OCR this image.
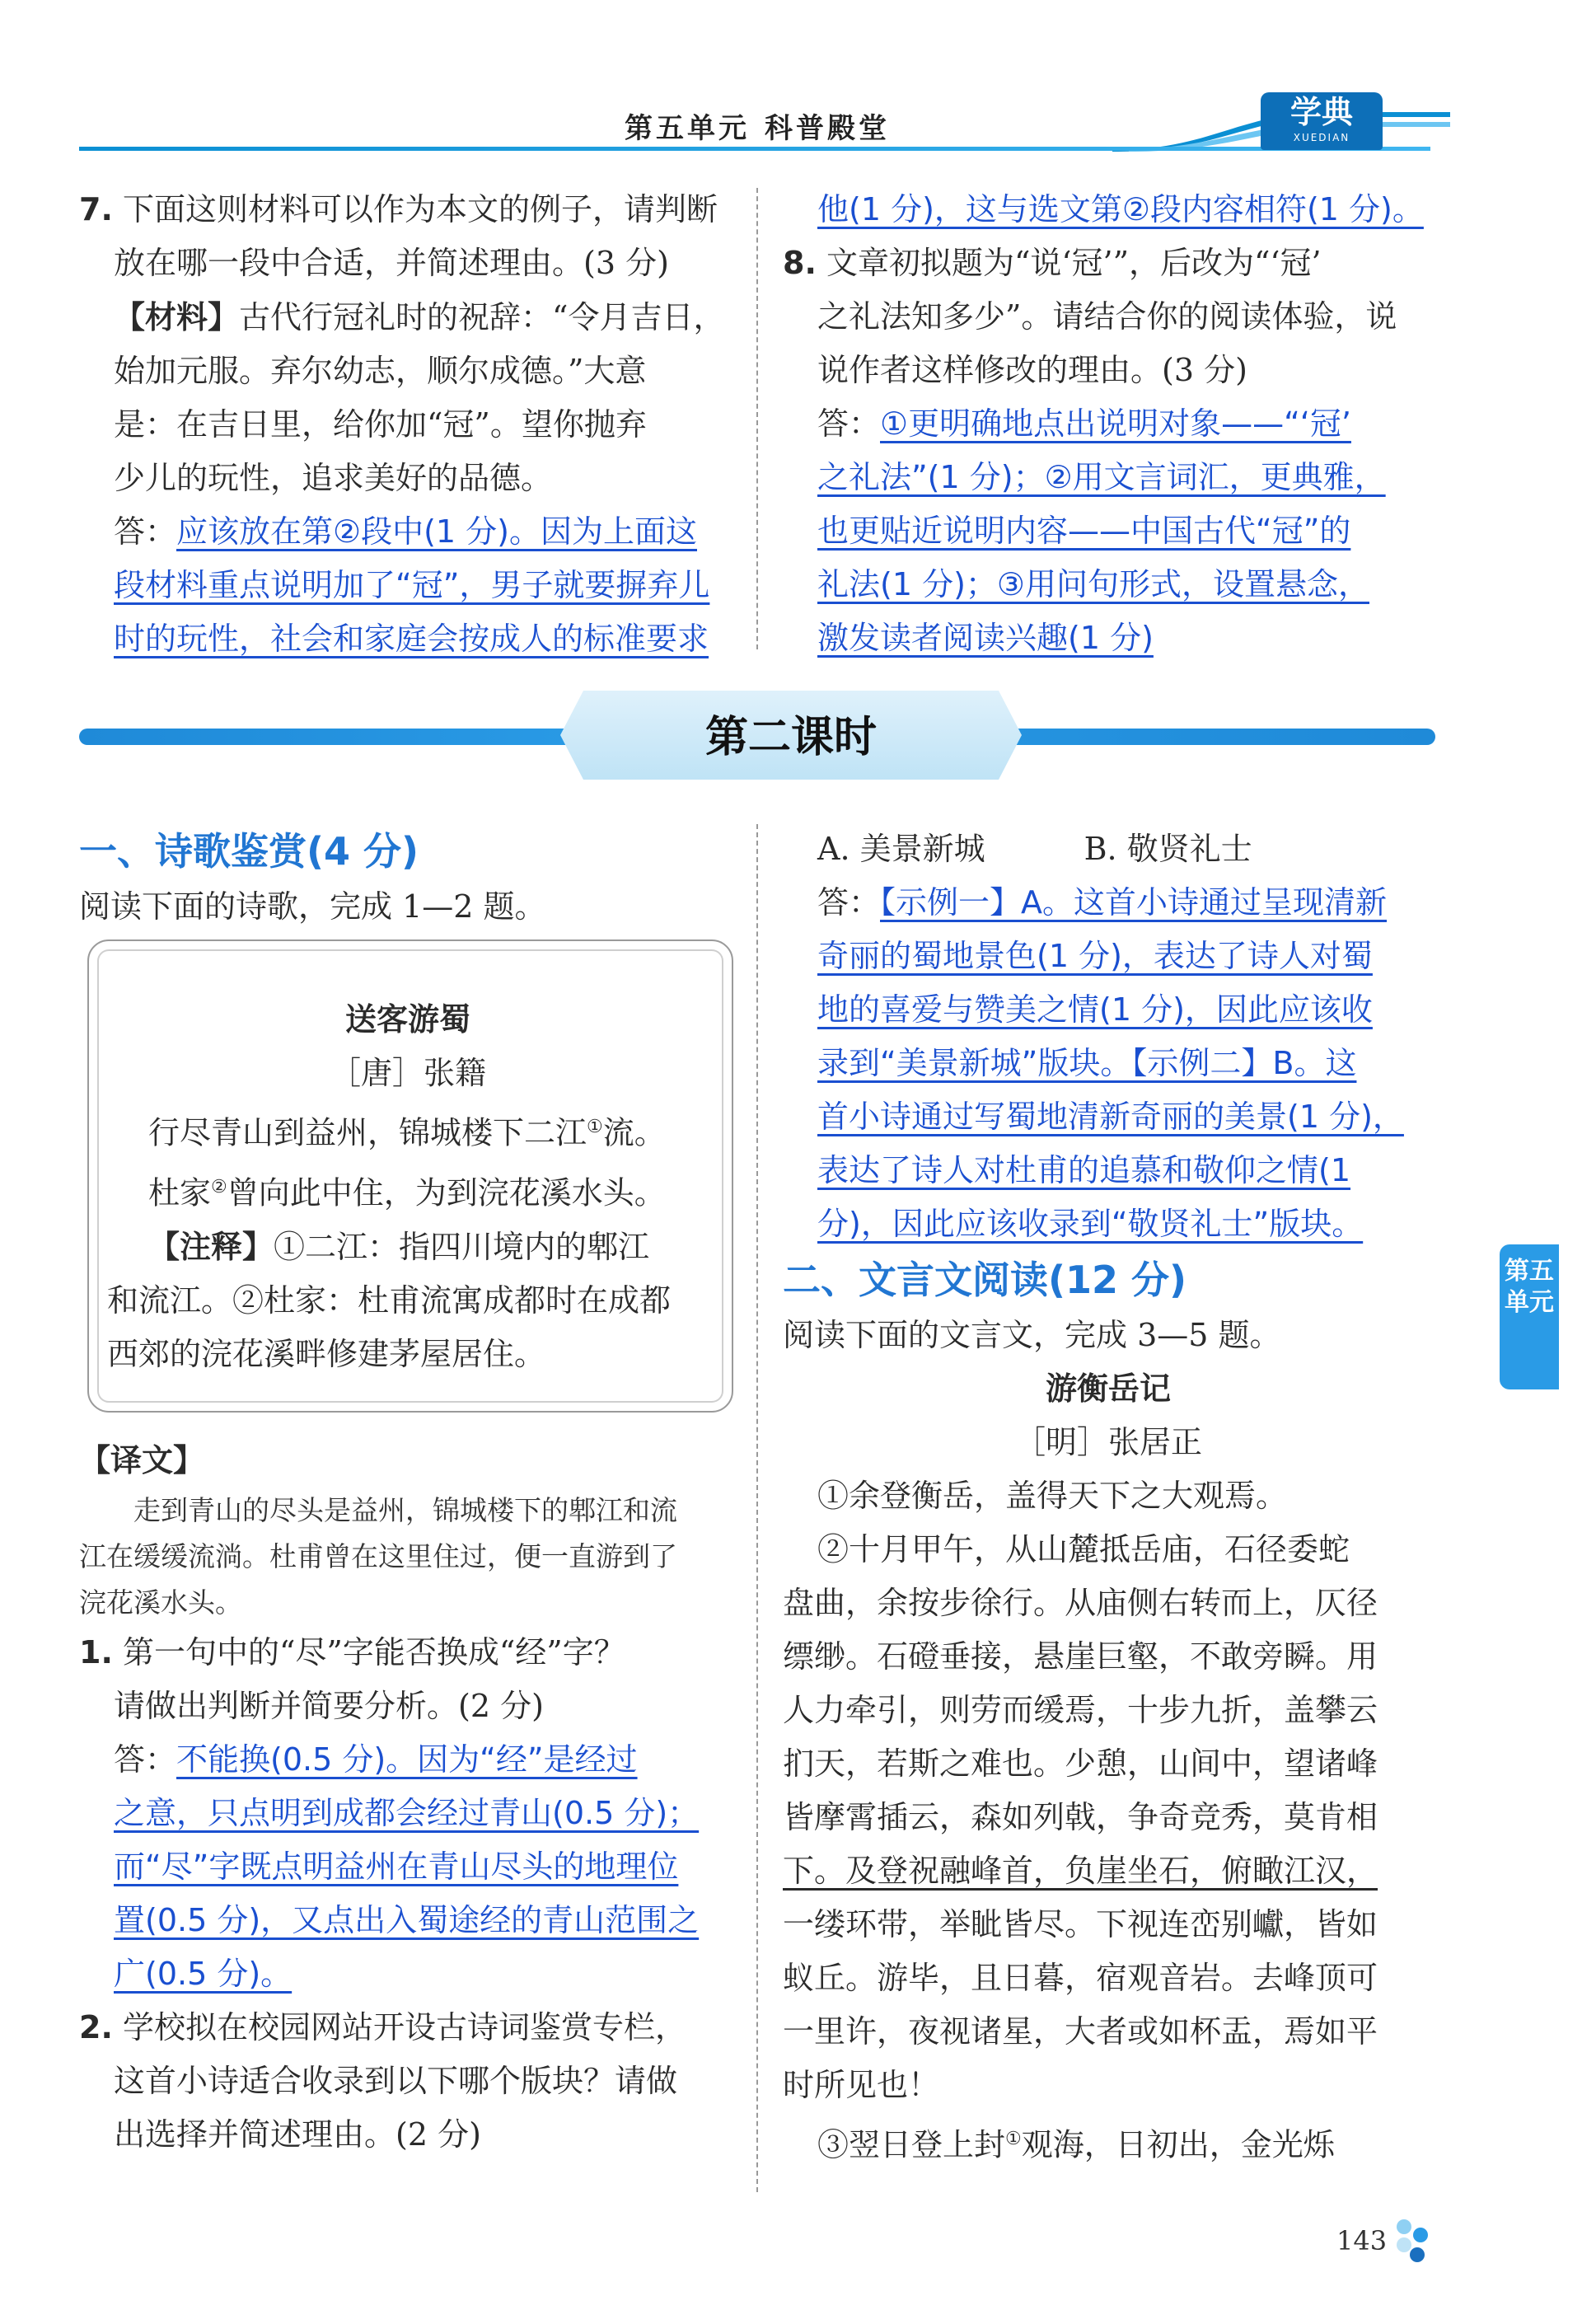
第五单元 科普殿堂	学典
XUEDIAN

7. 下面这则材料可以作为本文的例子，请判断

放在哪一段中合适，并简述理由。(3 分)

【材料】古代行冠礼时的祝辞：“令月吉日，

始加元服。弃尔幼志，顺尔成德。”大意

是：在吉日里，给你加“冠”。望你抛弃

少儿的玩性，追求美好的品德。

答：应该放在第②段中(1 分)。因为上面这

段材料重点说明加了“冠”，男子就要摒弃儿

时的玩性，社会和家庭会按成人的标准要求

他(1 分)，这与选文第②段内容相符(1 分)。

8. 文章初拟题为“说‘冠’”，后改为“‘冠’

之礼法知多少”。请结合你的阅读体验，说

说作者这样修改的理由。(3 分)

答：①更明确地点出说明对象——“‘冠’

之礼法”(1 分)；②用文言词汇，更典雅，

也更贴近说明内容——中国古代“冠”的

礼法(1 分)；③用问句形式，设置悬念，

激发读者阅读兴趣(1 分)

第二课时

一、诗歌鉴赏(4 分)

阅读下面的诗歌，完成 1—2 题。

送客游蜀

［唐］张籍

行尽青山到益州，锦城楼下二江①流。

杜家②曾向此中住，为到浣花溪水头。

【注释】①二江：指四川境内的郫江

和流江。②杜家：杜甫流寓成都时在成都

西郊的浣花溪畔修建茅屋居住。

【译文】

走到青山的尽头是益州，锦城楼下的郫江和流

江在缓缓流淌。杜甫曾在这里住过，便一直游到了

浣花溪水头。

1. 第一句中的“尽”字能否换成“经”字？

请做出判断并简要分析。(2 分)

答：不能换(0.5 分)。因为“经”是经过

之意，只点明到成都会经过青山(0.5 分)；

而“尽”字既点明益州在青山尽头的地理位

置(0.5 分)，又点出入蜀途经的青山范围之

广(0.5 分)。

2. 学校拟在校园网站开设古诗词鉴赏专栏，

这首小诗适合收录到以下哪个版块？请做

出选择并简述理由。(2 分)

A. 美景新城	B. 敬贤礼士

答：【示例一】A。这首小诗通过呈现清新

奇丽的蜀地景色(1 分)，表达了诗人对蜀

地的喜爱与赞美之情(1 分)，因此应该收

录到“美景新城”版块。【示例二】B。这

首小诗通过写蜀地清新奇丽的美景(1 分)，

表达了诗人对杜甫的追慕和敬仰之情(1

分)，因此应该收录到“敬贤礼士”版块。

二、文言文阅读(12 分)

阅读下面的文言文，完成 3—5 题。

游衡岳记

［明］张居正

①余登衡岳，盖得天下之大观焉。

②十月甲午，从山麓抵岳庙，石径委蛇

盘曲，余按步徐行。从庙侧右转而上，仄径

缥缈。石磴垂接，悬崖巨壑，不敢旁瞬。用

人力牵引，则劳而缓焉，十步九折，盖攀云

扪天，若斯之难也。少憩，山间中，望诸峰

皆摩霄插云，森如列戟，争奇竞秀，莫肯相

下。及登祝融峰首，负崖坐石，俯瞰江汉，

一缕环带，举眦皆尽。下视连峦别巘，皆如

蚁丘。游毕，且日暮，宿观音岩。去峰顶可

一里许，夜视诸星，大者或如杯盂，焉如平

时所见也！

③翌日登上封①观海，日初出，金光烁

第五单元
143
